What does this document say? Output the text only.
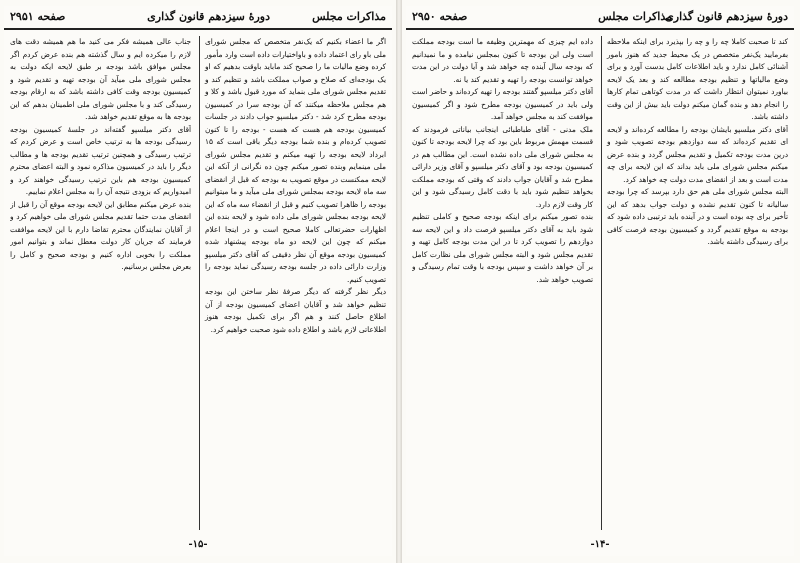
مذاکرات مجلس
دورهٔ سیزدهم قانون گذاری
صفحه ۲۹۵۱

اگر ما اعضاء بکنیم که یک‌نفر متخصص که مجلس شورای ملی باو رای اعتماد داده و باواختیارات داده است وارد مأمور کرده وضع مالیات ما را صحیح کند ماباید باوقت بدهیم که او یک بودجه‌ای که صلاح و صواب مملکت باشد و تنظیم کند و تقدیم مجلس شورای ملی بنماید که مورد قبول باشد و کلا و هم مجلس ملاحظه میکنند که آن بودجه سرا در کمیسیون بودجه مطرح کرد شد - دکتر میلسپو جواب دادند در جلسات کمیسیون بودجه هم هست که هست - بودجه را تا کنون تصویب کرده‌ام و بنده شما بودجه دیگر باقی است که ۱۵ ابرداد لایحه بودجه را تهیه میکنم و تقدیم مجلس شورای ملی مینمایم وبنده تصور میکنم چون ده نگرانی از آنکه این لایحه ممکنست در موقع تصویب به بودجه که قبل از انقضای سه ماه لایحه بودجه بمجلس شورای ملی میآید و ما میتوانیم بودجه را ظاهرا تصویب کنیم و قبل از انقضاء سه ماه که این لایحه بودجه بمجلس شورای ملی داده شود و لایحه بنده این اظهارات حضرتعالی کاملا صحیح است و در اینجا اعلام میکنم که چون این لایحه دو ماه بودجه پیشنهاد شده کمیسیون بودجه موقع آن نظر دقیقی که آقای دکتر میلسپو وزارت دارائی داده در جلسه بودجه رسیدگی نماید بودجه را تصویب کنیم.

دیگر نظر گرفته که دیگر صرفهٔ نظر ساختن این بودجه تنظیم خواهد شد و آقایان اعضای کمیسیون بودجه از آن اطلاع حاصل کنند و هم اگر برای تکمیل بودجه هنوز اطلاعاتی لازم باشد و اطلاع داده شود صحبت خواهیم کرد.

جناب عالی همیشه فکر می کنید ما هم همیشه دقت های لازم را میکرده ایم و سال گذشته هم بنده عرض کردم اگر مجلس موافق باشد بودجه بر طبق لایحه ایکه دولت به مجلس شورای ملی میآید آن بودجه تهیه و تقدیم شود و کمیسیون بودجه وقت کافی داشته باشد که به ارقام بودجه رسیدگی کند و با مجلس شورای ملی اطمینان بدهم که این بودجه ها به موقع تقدیم خواهد شد.

آقای دکتر میلسپو گفته‌اند در جلسهٔ کمیسیون بودجه رسیدگی بودجه ها به ترتیب خاص است و عرض کردم که ترتیب رسیدگی و همچنین ترتیب تقدیم بودجه ها و مطالب دیگر را باید در کمیسیون مذاکره نمود و البته اعضای محترم کمیسیون بودجه هم باین ترتیب رسیدگی خواهند کرد و امیدواریم که بزودی نتیجه آن را به مجلس اعلام نماییم.

بنده عرض میکنم مطابق این لایحه بودجه موقع آن را قبل از انقضای مدت حتما تقدیم مجلس شورای ملی خواهیم کرد و از آقایان نمایندگان محترم تقاضا دارم با این لایحه موافقت فرمایند که جریان کار دولت معطل نماند و بتوانیم امور مملکت را بخوبی اداره کنیم و بودجه صحیح و کامل را بعرض مجلس برسانیم.

-۱۵-
دورهٔ سیزدهم قانون گذاری
مذاکرات مجلس
صفحه ۲۹۵۰

کند تا صحبت کاملا چه را و چه را بپذیرد برای اینکه ملاحظه بفرمایید یک‌نفر متخصص در یک محیط جدید که هنوز بامور آشنائی کامل ندارد و باید اطلاعات کامل بدست آورد و برای وضع مالیاتها و تنظیم بودجه مطالعه کند و بعد یک لایحه بیاورد نمیتوان انتظار داشت که در مدت کوتاهی تمام کارها را انجام دهد و بنده گمان میکنم دولت باید بیش از این وقت داشته باشد.

آقای دکتر میلسپو بایشان بودجه را مطالعه کرده‌اند و لایحه ای تقدیم کرده‌اند که سه دوازدهم بودجه تصویب شود و درین مدت بودجه تکمیل و تقدیم مجلس گردد و بنده عرض میکنم مجلس شورای ملی باید بداند که این لایحه برای چه مدت است و بعد از انقضای مدت دولت چه خواهد کرد.

البته مجلس شورای ملی هم حق دارد بپرسد که چرا بودجه سالیانه تا کنون تقدیم نشده و دولت جواب بدهد که این تأخیر برای چه بوده است و در آینده باید ترتیبی داده شود که بودجه به موقع تقدیم گردد و کمیسیون بودجه فرصت کافی برای رسیدگی داشته باشد.

داده ایم چیزی که مهمترین وظیفه ما است بودجه مملکت است ولی این بودجه تا کنون بمجلس نیامده و ما نمیدانیم که بودجه سال آینده چه خواهد شد و آیا دولت در این مدت خواهد توانست بودجه را تهیه و تقدیم کند یا نه.

آقای دکتر میلسپو گفتند بودجه را تهیه کرده‌اند و حاضر است ولی باید در کمیسیون بودجه مطرح شود و اگر کمیسیون موافقت کند به مجلس خواهد آمد.

ملک مدنی - آقای طباطبائی اینجانب بیاناتی فرمودند که قسمت مهمش مربوط باین بود که چرا لایحه بودجه تا کنون به مجلس شورای ملی داده نشده است. این مطالب هم در کمیسیون بودجه بود و آقای دکتر میلسپو و آقای وزیر دارائی مطرح شد و آقایان جواب دادند که وقتی که بودجه مملکت بخواهد تنظیم شود باید با دقت کامل رسیدگی شود و این کار وقت لازم دارد.

بنده تصور میکنم برای اینکه بودجه صحیح و کاملی تنظیم شود باید به آقای دکتر میلسپو فرصت داد و این لایحه سه دوازدهم را تصویب کرد تا در این مدت بودجه کامل تهیه و تقدیم مجلس شود و البته مجلس شورای ملی نظارت کامل بر آن خواهد داشت و سپس بودجه با وقت تمام رسیدگی و تصویب خواهد شد.

-۱۴-
